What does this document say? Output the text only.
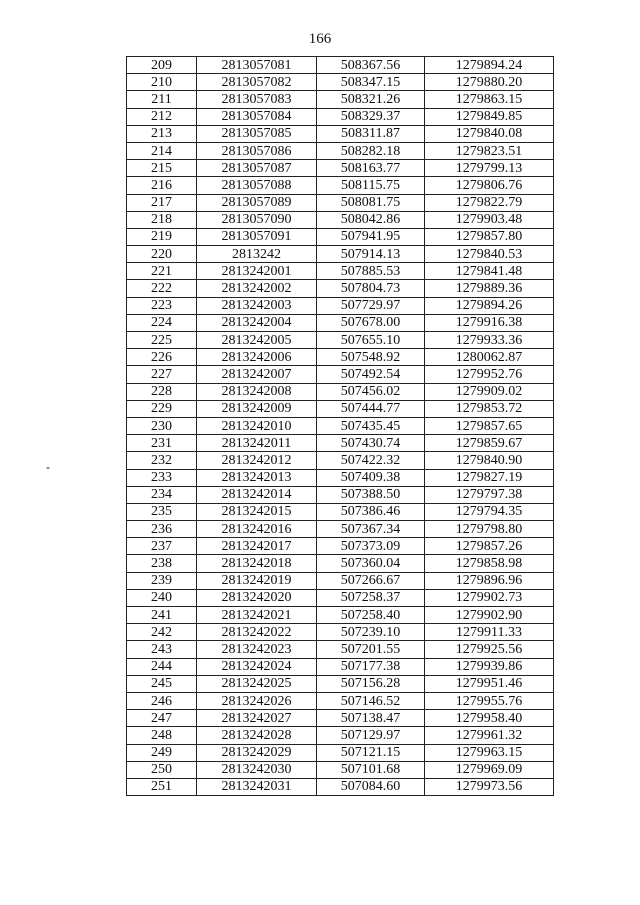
166
-
209	2813057081	508367.56	1279894.24
210	2813057082	508347.15	1279880.20
211	2813057083	508321.26	1279863.15
212	2813057084	508329.37	1279849.85
213	2813057085	508311.87	1279840.08
214	2813057086	508282.18	1279823.51
215	2813057087	508163.77	1279799.13
216	2813057088	508115.75	1279806.76
217	2813057089	508081.75	1279822.79
218	2813057090	508042.86	1279903.48
219	2813057091	507941.95	1279857.80
220	2813242	507914.13	1279840.53
221	2813242001	507885.53	1279841.48
222	2813242002	507804.73	1279889.36
223	2813242003	507729.97	1279894.26
224	2813242004	507678.00	1279916.38
225	2813242005	507655.10	1279933.36
226	2813242006	507548.92	1280062.87
227	2813242007	507492.54	1279952.76
228	2813242008	507456.02	1279909.02
229	2813242009	507444.77	1279853.72
230	2813242010	507435.45	1279857.65
231	2813242011	507430.74	1279859.67
232	2813242012	507422.32	1279840.90
233	2813242013	507409.38	1279827.19
234	2813242014	507388.50	1279797.38
235	2813242015	507386.46	1279794.35
236	2813242016	507367.34	1279798.80
237	2813242017	507373.09	1279857.26
238	2813242018	507360.04	1279858.98
239	2813242019	507266.67	1279896.96
240	2813242020	507258.37	1279902.73
241	2813242021	507258.40	1279902.90
242	2813242022	507239.10	1279911.33
243	2813242023	507201.55	1279925.56
244	2813242024	507177.38	1279939.86
245	2813242025	507156.28	1279951.46
246	2813242026	507146.52	1279955.76
247	2813242027	507138.47	1279958.40
248	2813242028	507129.97	1279961.32
249	2813242029	507121.15	1279963.15
250	2813242030	507101.68	1279969.09
251	2813242031	507084.60	1279973.56
